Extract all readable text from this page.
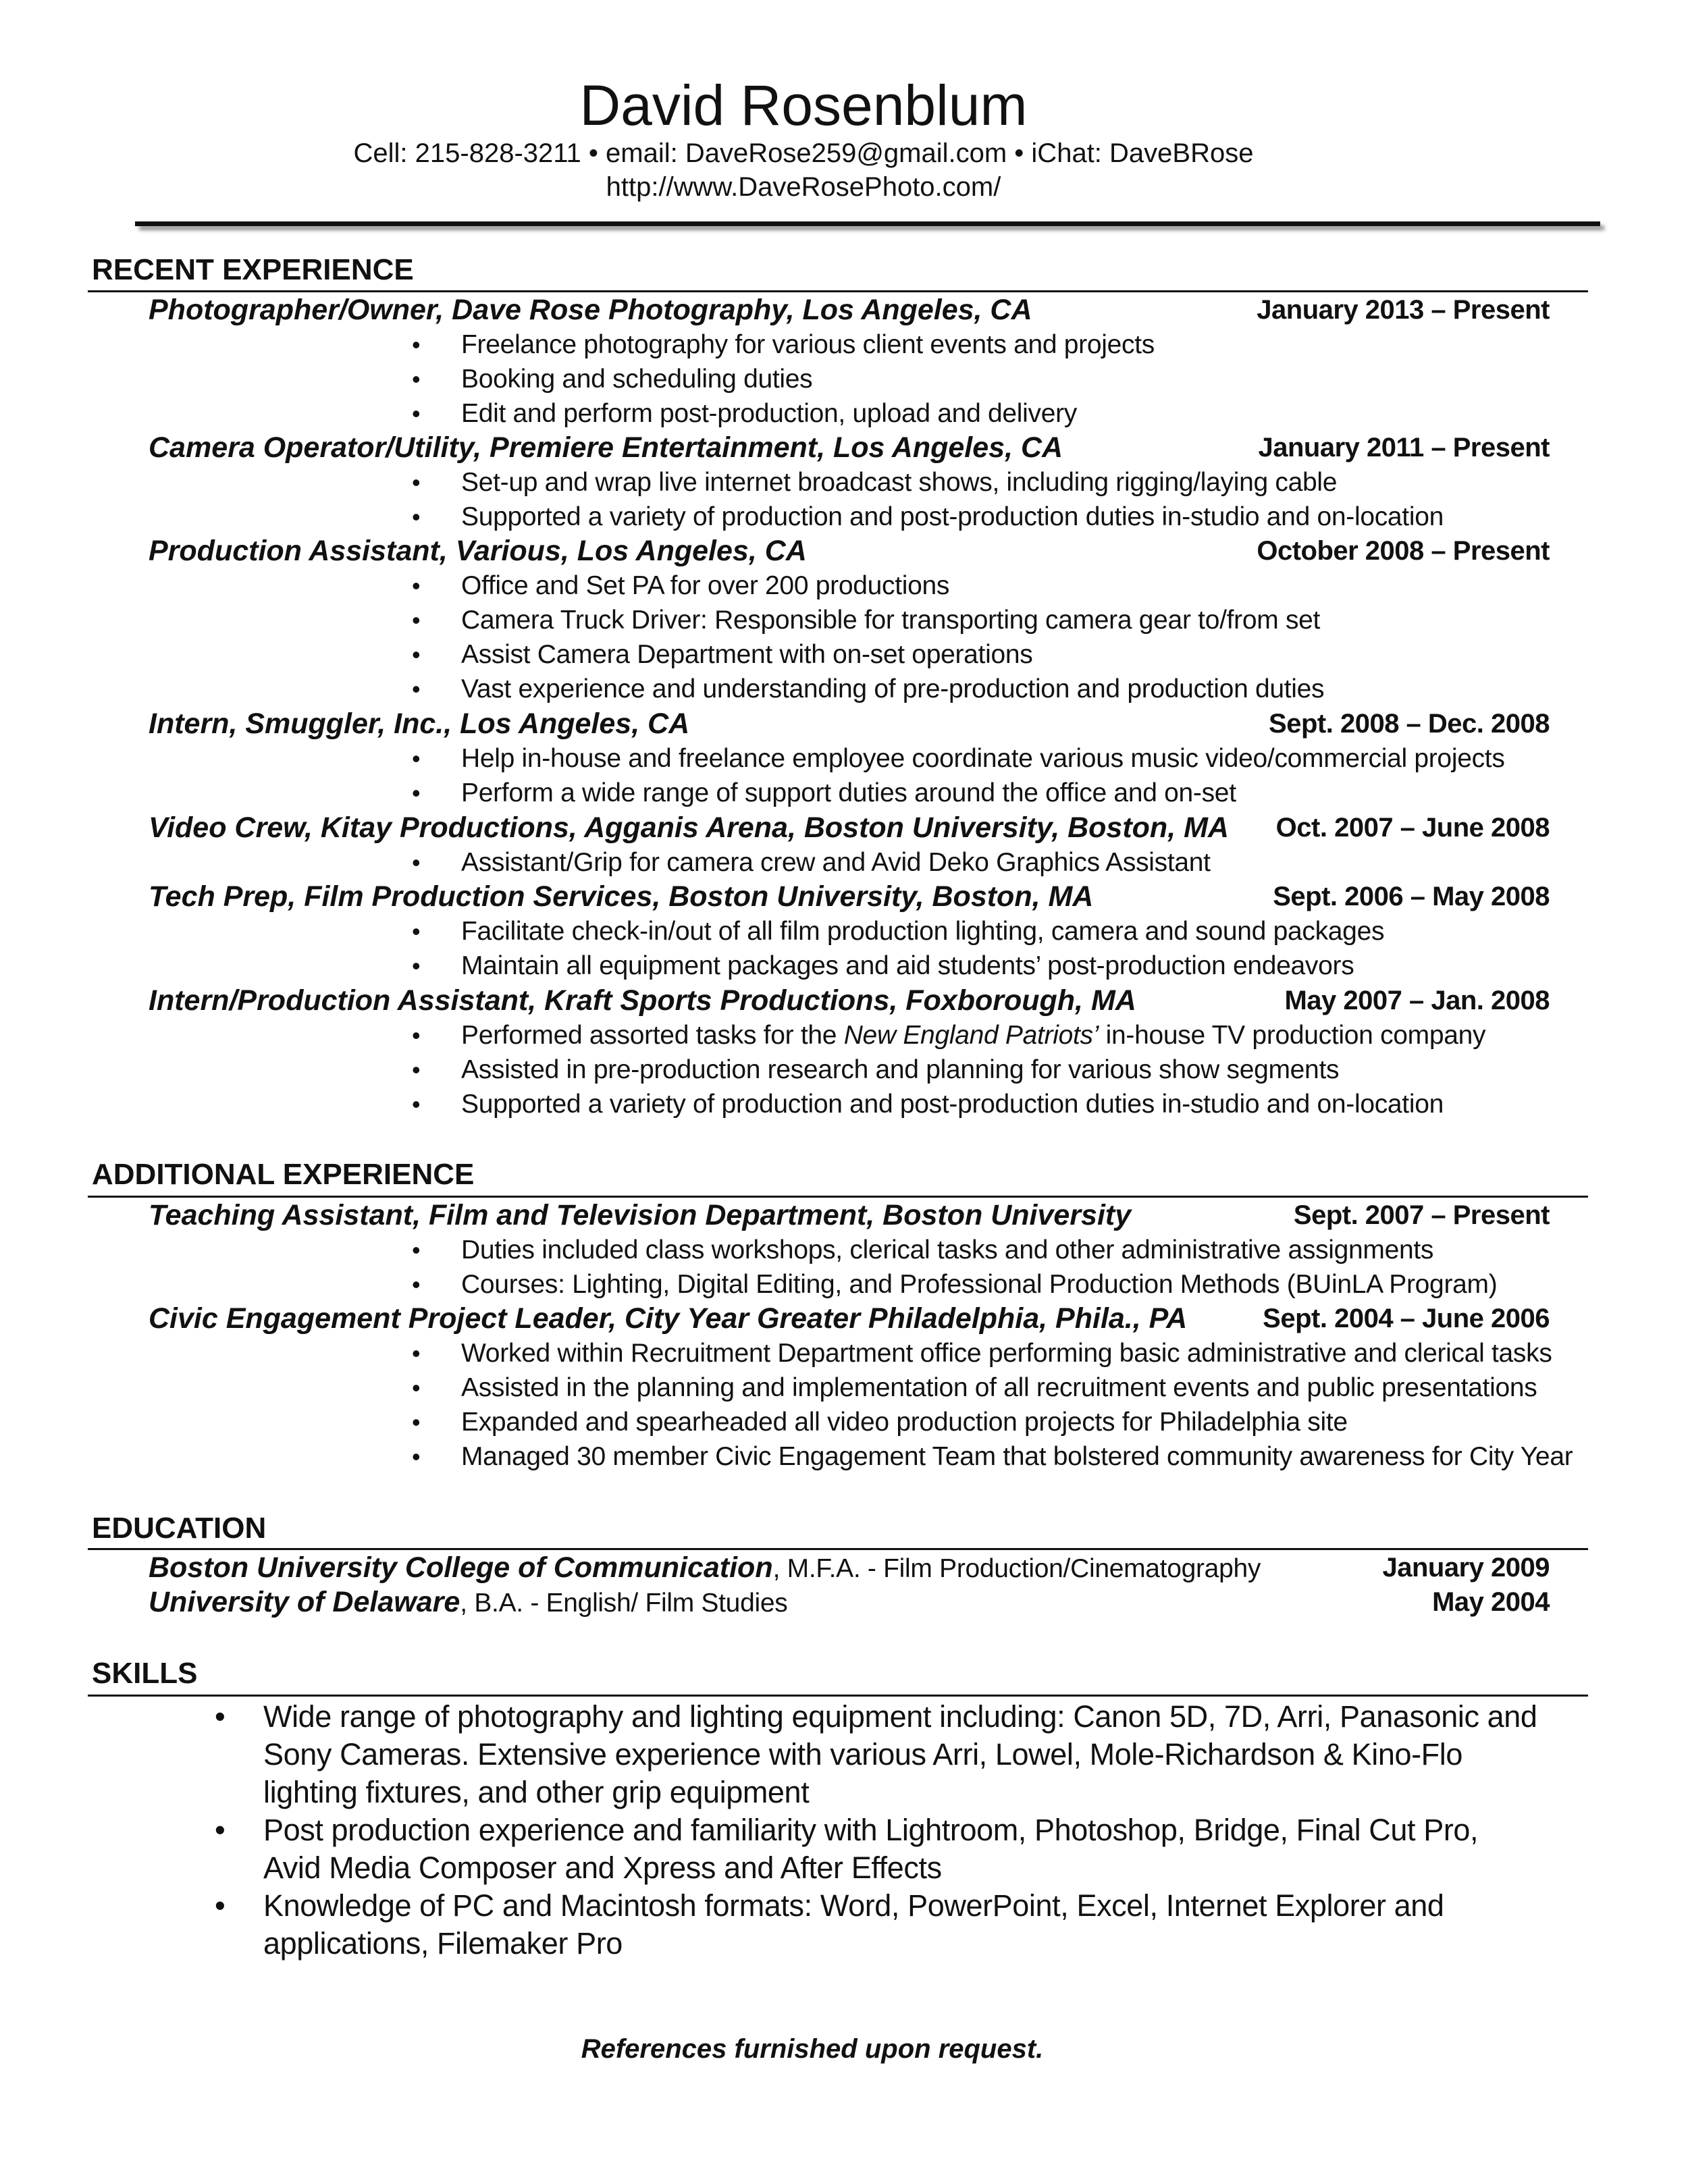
David Rosenblum
Cell: 215-828-3211 • email: DaveRose259@gmail.com • iChat: DaveBRose
http://www.DaveRosePhoto.com/
RECENT EXPERIENCE
Photographer/Owner, Dave Rose Photography, Los Angeles, CA	January 2013 – Present
• Freelance photography for various client events and projects
• Booking and scheduling duties
• Edit and perform post-production, upload and delivery
Camera Operator/Utility, Premiere Entertainment, Los Angeles, CA	January 2011 – Present
• Set-up and wrap live internet broadcast shows, including rigging/laying cable
• Supported a variety of production and post-production duties in-studio and on-location
Production Assistant, Various, Los Angeles, CA	October 2008 – Present
• Office and Set PA for over 200 productions
• Camera Truck Driver: Responsible for transporting camera gear to/from set
• Assist Camera Department with on-set operations
• Vast experience and understanding of pre-production and production duties
Intern, Smuggler, Inc., Los Angeles, CA	Sept. 2008 – Dec. 2008
• Help in-house and freelance employee coordinate various music video/commercial projects
• Perform a wide range of support duties around the office and on-set
Video Crew, Kitay Productions, Agganis Arena, Boston University, Boston, MA Oct. 2007 – June 2008
• Assistant/Grip for camera crew and Avid Deko Graphics Assistant
Tech Prep, Film Production Services, Boston University, Boston, MA	Sept. 2006 – May 2008
• Facilitate check-in/out of all film production lighting, camera and sound packages
• Maintain all equipment packages and aid students’ post-production endeavors
Intern/Production Assistant, Kraft Sports Productions, Foxborough, MA	May 2007 – Jan. 2008
• Performed assorted tasks for the New England Patriots’ in-house TV production company
• Assisted in pre-production research and planning for various show segments
• Supported a variety of production and post-production duties in-studio and on-location
ADDITIONAL EXPERIENCE
Teaching Assistant, Film and Television Department, Boston University	Sept. 2007 – Present
• Duties included class workshops, clerical tasks and other administrative assignments
• Courses: Lighting, Digital Editing, and Professional Production Methods (BUinLA Program)
Civic Engagement Project Leader, City Year Greater Philadelphia, Phila., PA	Sept. 2004 – June 2006
• Worked within Recruitment Department office performing basic administrative and clerical tasks
• Assisted in the planning and implementation of all recruitment events and public presentations
• Expanded and spearheaded all video production projects for Philadelphia site
• Managed 30 member Civic Engagement Team that bolstered community awareness for City Year
EDUCATION
Boston University College of Communication, M.F.A. - Film Production/Cinematography	January 2009
University of Delaware, B.A. - English/ Film Studies	May 2004
SKILLS
• Wide range of photography and lighting equipment including: Canon 5D, 7D, Arri, Panasonic and Sony Cameras. Extensive experience with various Arri, Lowel, Mole-Richardson & Kino-Flo lighting fixtures, and other grip equipment
• Post production experience and familiarity with Lightroom, Photoshop, Bridge, Final Cut Pro, Avid Media Composer and Xpress and After Effects
• Knowledge of PC and Macintosh formats: Word, PowerPoint, Excel, Internet Explorer and applications, Filemaker Pro
References furnished upon request.
